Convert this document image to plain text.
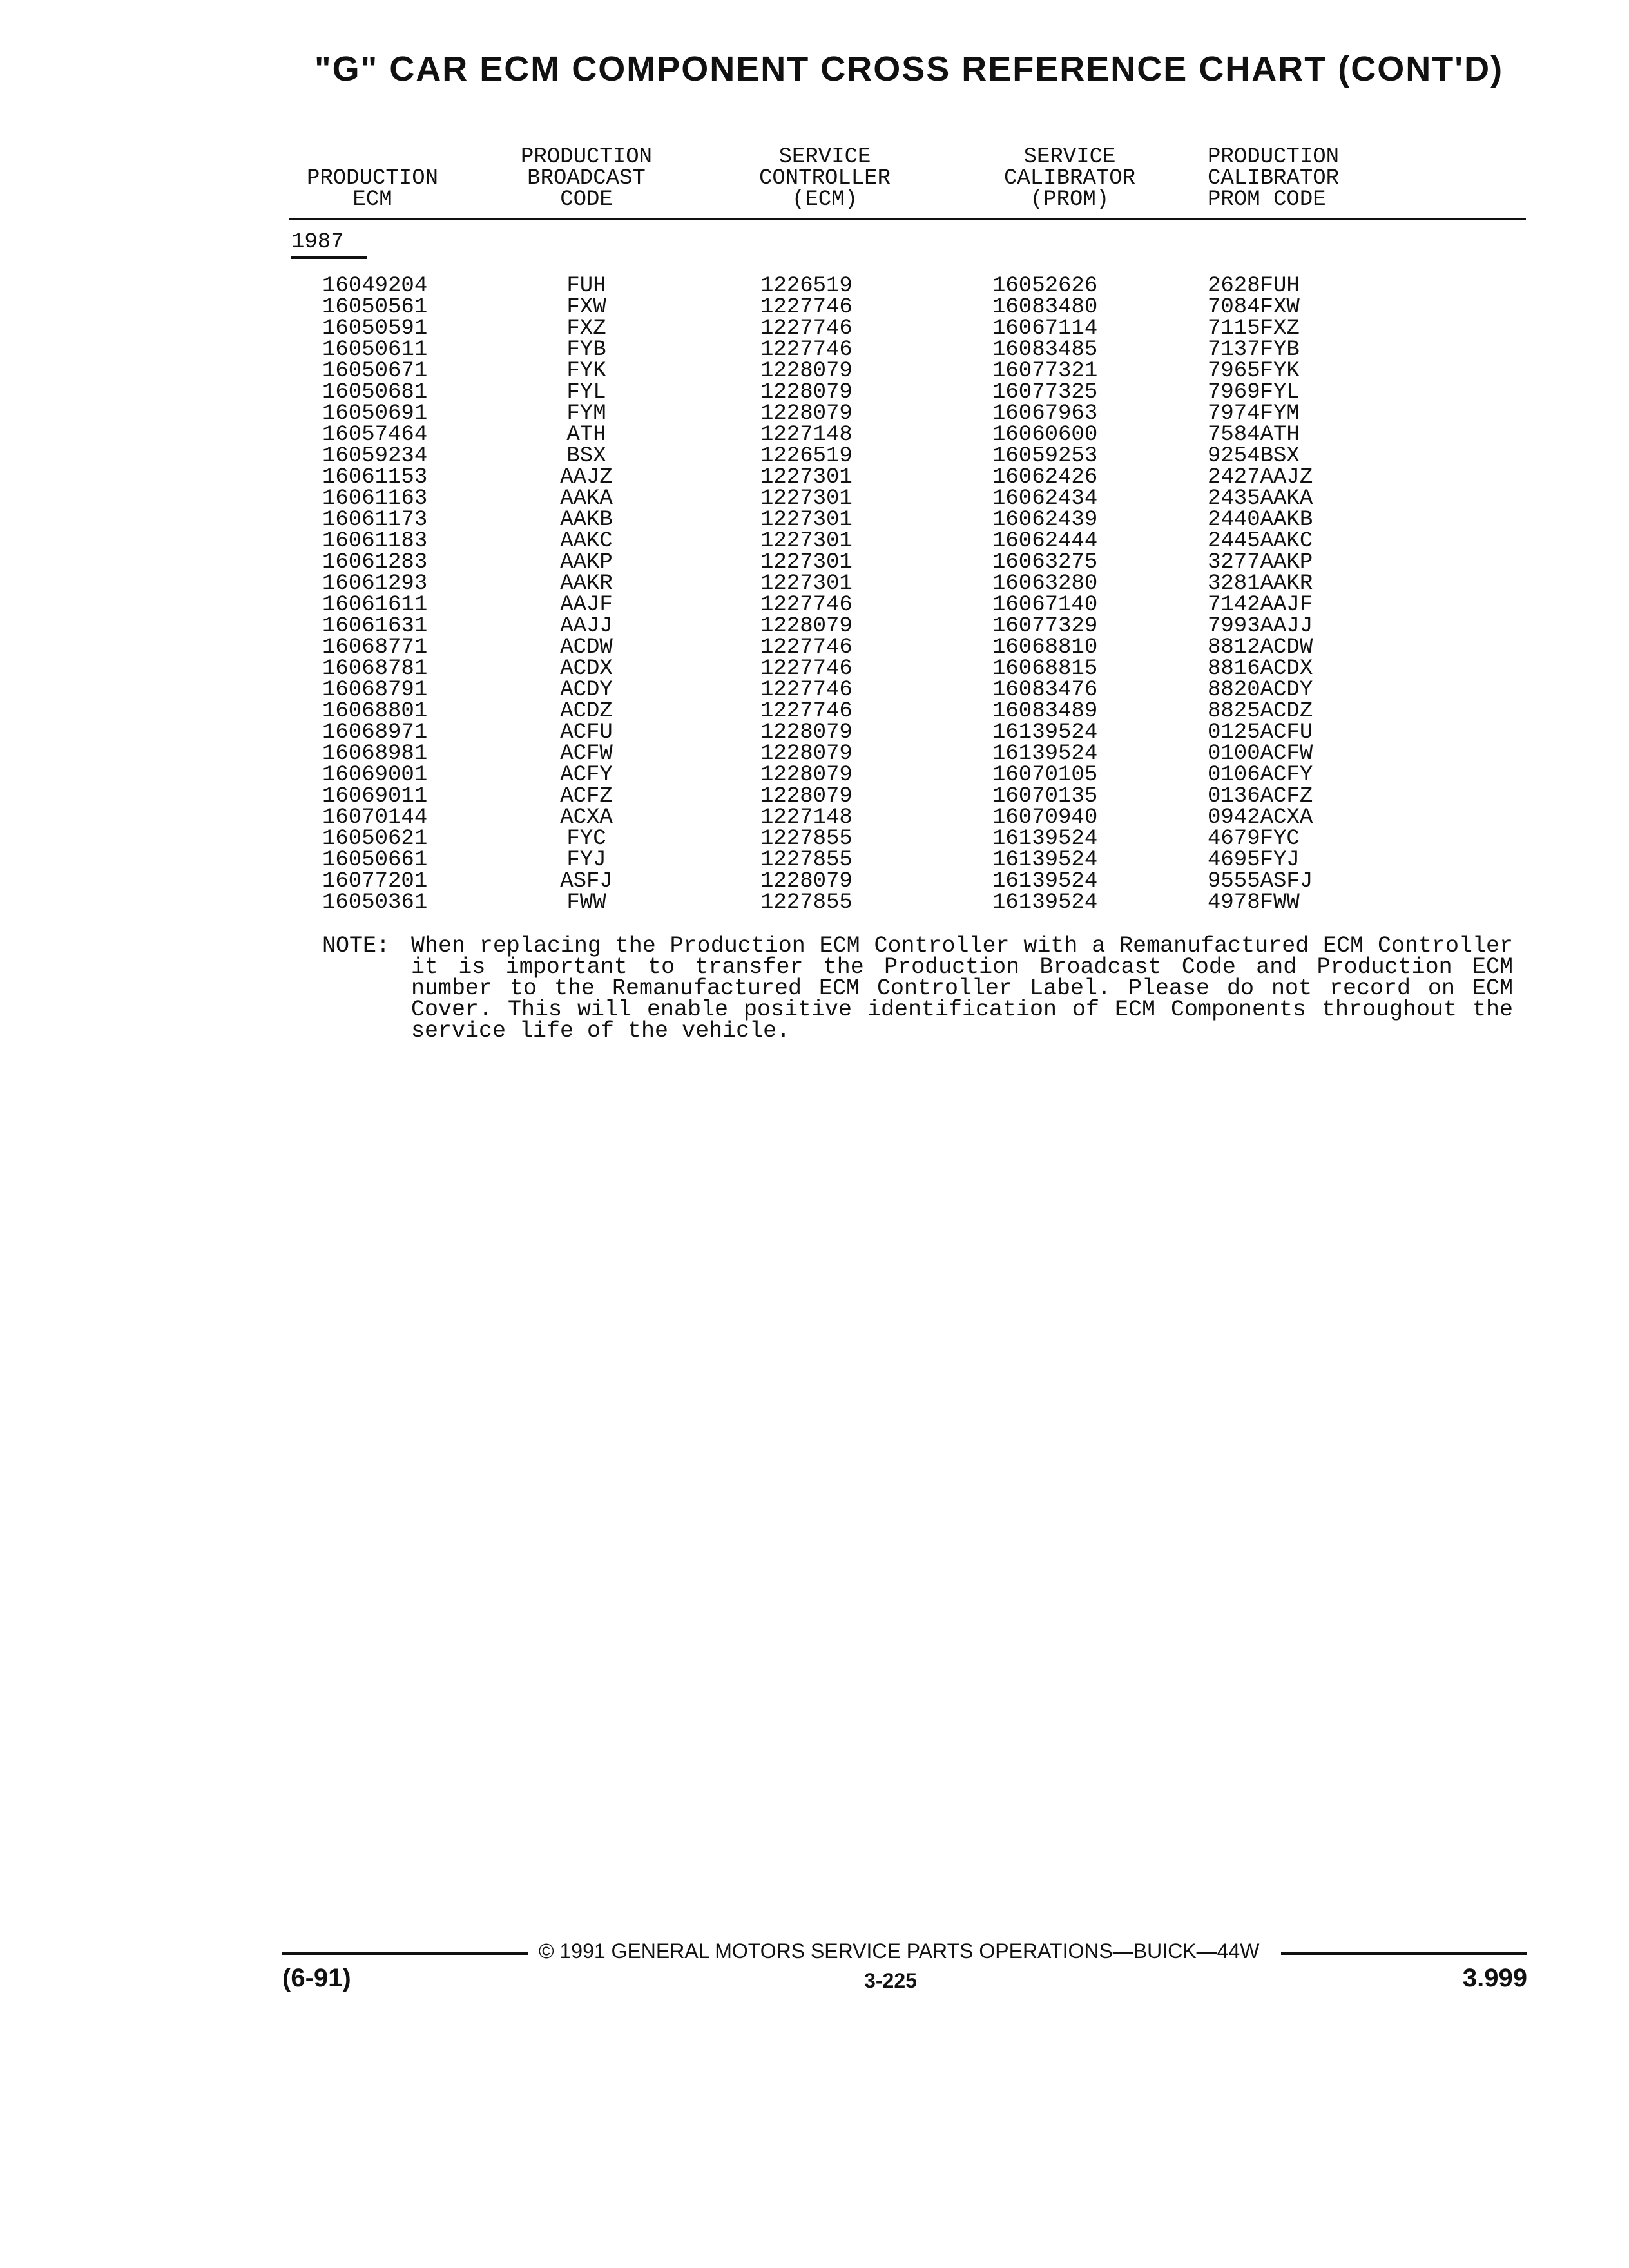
"G" CAR ECM COMPONENT CROSS REFERENCE CHART (CONT'D)
PRODUCTION
ECM
PRODUCTION
BROADCAST
CODE
SERVICE
CONTROLLER
(ECM)
SERVICE
CALIBRATOR
(PROM)
PRODUCTION
CALIBRATOR
PROM CODE
1987
16049204
16050561
16050591
16050611
16050671
16050681
16050691
16057464
16059234
16061153
16061163
16061173
16061183
16061283
16061293
16061611
16061631
16068771
16068781
16068791
16068801
16068971
16068981
16069001
16069011
16070144
16050621
16050661
16077201
16050361
FUH
FXW
FXZ
FYB
FYK
FYL
FYM
ATH
BSX
AAJZ
AAKA
AAKB
AAKC
AAKP
AAKR
AAJF
AAJJ
ACDW
ACDX
ACDY
ACDZ
ACFU
ACFW
ACFY
ACFZ
ACXA
FYC
FYJ
ASFJ
FWW
1226519
1227746
1227746
1227746
1228079
1228079
1228079
1227148
1226519
1227301
1227301
1227301
1227301
1227301
1227301
1227746
1228079
1227746
1227746
1227746
1227746
1228079
1228079
1228079
1228079
1227148
1227855
1227855
1228079
1227855
16052626
16083480
16067114
16083485
16077321
16077325
16067963
16060600
16059253
16062426
16062434
16062439
16062444
16063275
16063280
16067140
16077329
16068810
16068815
16083476
16083489
16139524
16139524
16070105
16070135
16070940
16139524
16139524
16139524
16139524
2628FUH
7084FXW
7115FXZ
7137FYB
7965FYK
7969FYL
7974FYM
7584ATH
9254BSX
2427AAJZ
2435AAKA
2440AAKB
2445AAKC
3277AAKP
3281AAKR
7142AAJF
7993AAJJ
8812ACDW
8816ACDX
8820ACDY
8825ACDZ
0125ACFU
0100ACFW
0106ACFY
0136ACFZ
0942ACXA
4679FYC
4695FYJ
9555ASFJ
4978FWW
NOTE: When replacing the Production ECM Controller with a Remanufactured ECM Controller it is important to transfer the Production Broadcast Code and Production ECM number to the Remanufactured ECM Controller Label. Please do not record on ECM Cover. This will enable positive identification of ECM Components throughout the service life of the vehicle.
© 1991 GENERAL MOTORS SERVICE PARTS OPERATIONS—BUICK—44W
(6-91)	3-225	3.999
